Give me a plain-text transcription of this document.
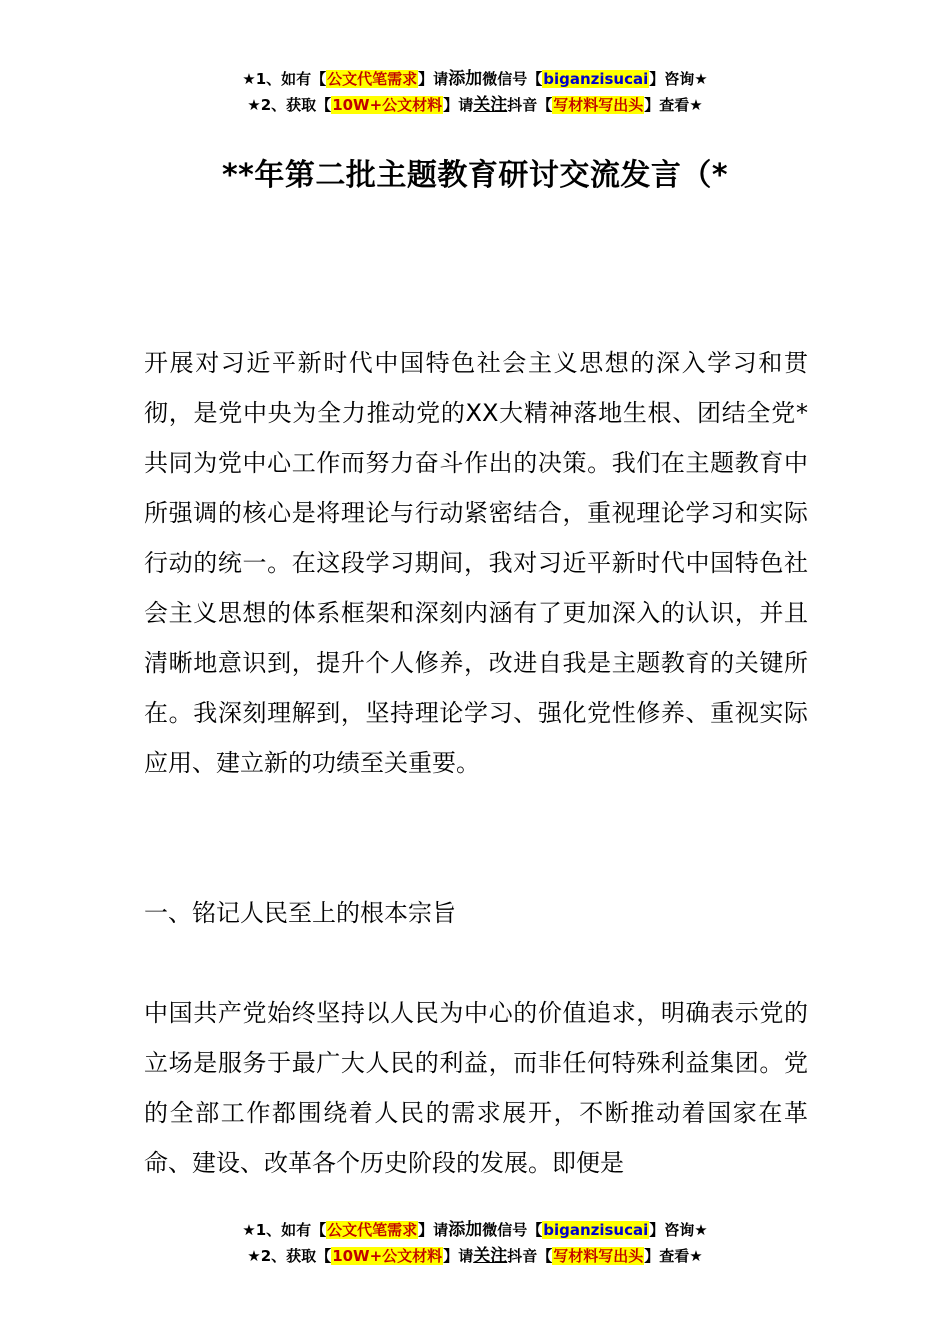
★1、如有【公文代笔需求】请添加微信号【biganzisucai】咨询★
★2、获取【10W+公文材料】请关注抖音【写材料写出头】查看★
**年第二批主题教育研讨交流发言（*
开展对习近平新时代中国特色社会主义思想的深入学习和贯彻，是党中央为全力推动党的XX大精神落地生根、团结全党*共同为党中心工作而努力奋斗作出的决策。我们在主题教育中所强调的核心是将理论与行动紧密结合，重视理论学习和实际行动的统一。在这段学习期间，我对习近平新时代中国特色社会主义思想的体系框架和深刻内涵有了更加深入的认识，并且清晰地意识到，提升个人修养，改进自我是主题教育的关键所在。我深刻理解到，坚持理论学习、强化党性修养、重视实际应用、建立新的功绩至关重要。
一、铭记人民至上的根本宗旨
中国共产党始终坚持以人民为中心的价值追求，明确表示党的立场是服务于最广大人民的利益，而非任何特殊利益集团。党的全部工作都围绕着人民的需求展开，不断推动着国家在革命、建设、改革各个历史阶段的发展。即便是
★1、如有【公文代笔需求】请添加微信号【biganzisucai】咨询★
★2、获取【10W+公文材料】请关注抖音【写材料写出头】查看★
